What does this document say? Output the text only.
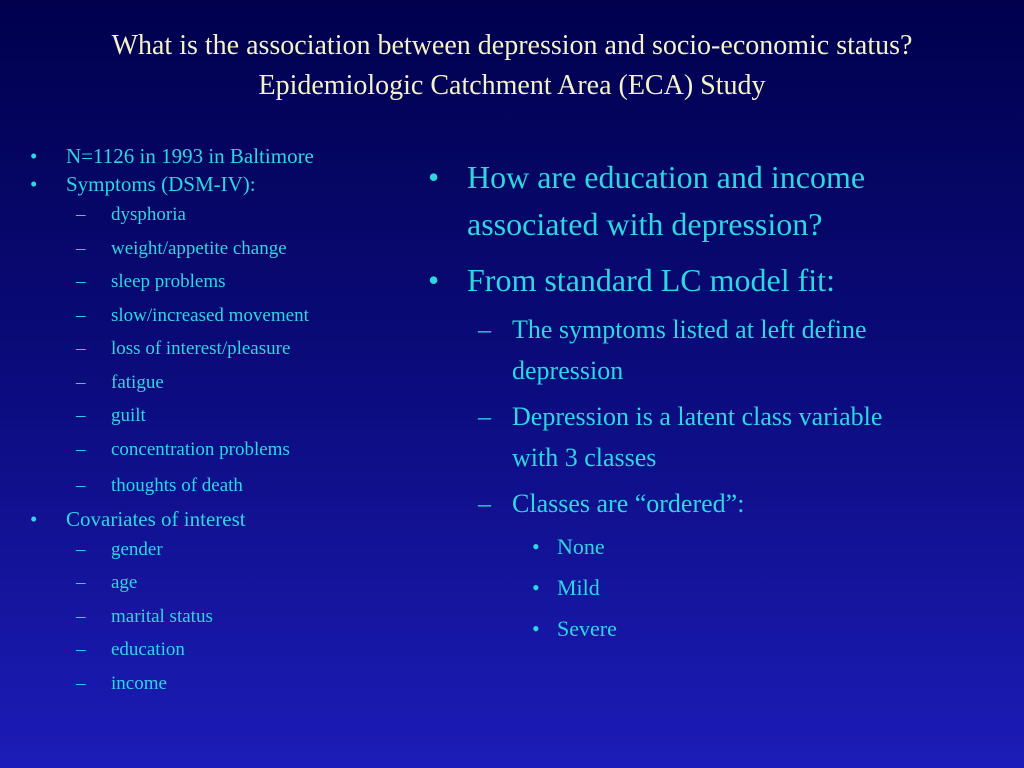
What is the association between depression and socio-economic status?
Epidemiologic Catchment Area (ECA) Study
• N=1126 in 1993 in Baltimore
• Symptoms (DSM-IV):
– dysphoria
– weight/appetite change
– sleep problems
– slow/increased movement
– loss of interest/pleasure
– fatigue
– guilt
– concentration problems
– thoughts of death
• Covariates of interest
– gender
– age
– marital status
– education
– income
• How are education and income associated with depression?
• From standard LC model fit:
– The symptoms listed at left define depression
– Depression is a latent class variable with 3 classes
– Classes are “ordered”:
• None
• Mild
• Severe
